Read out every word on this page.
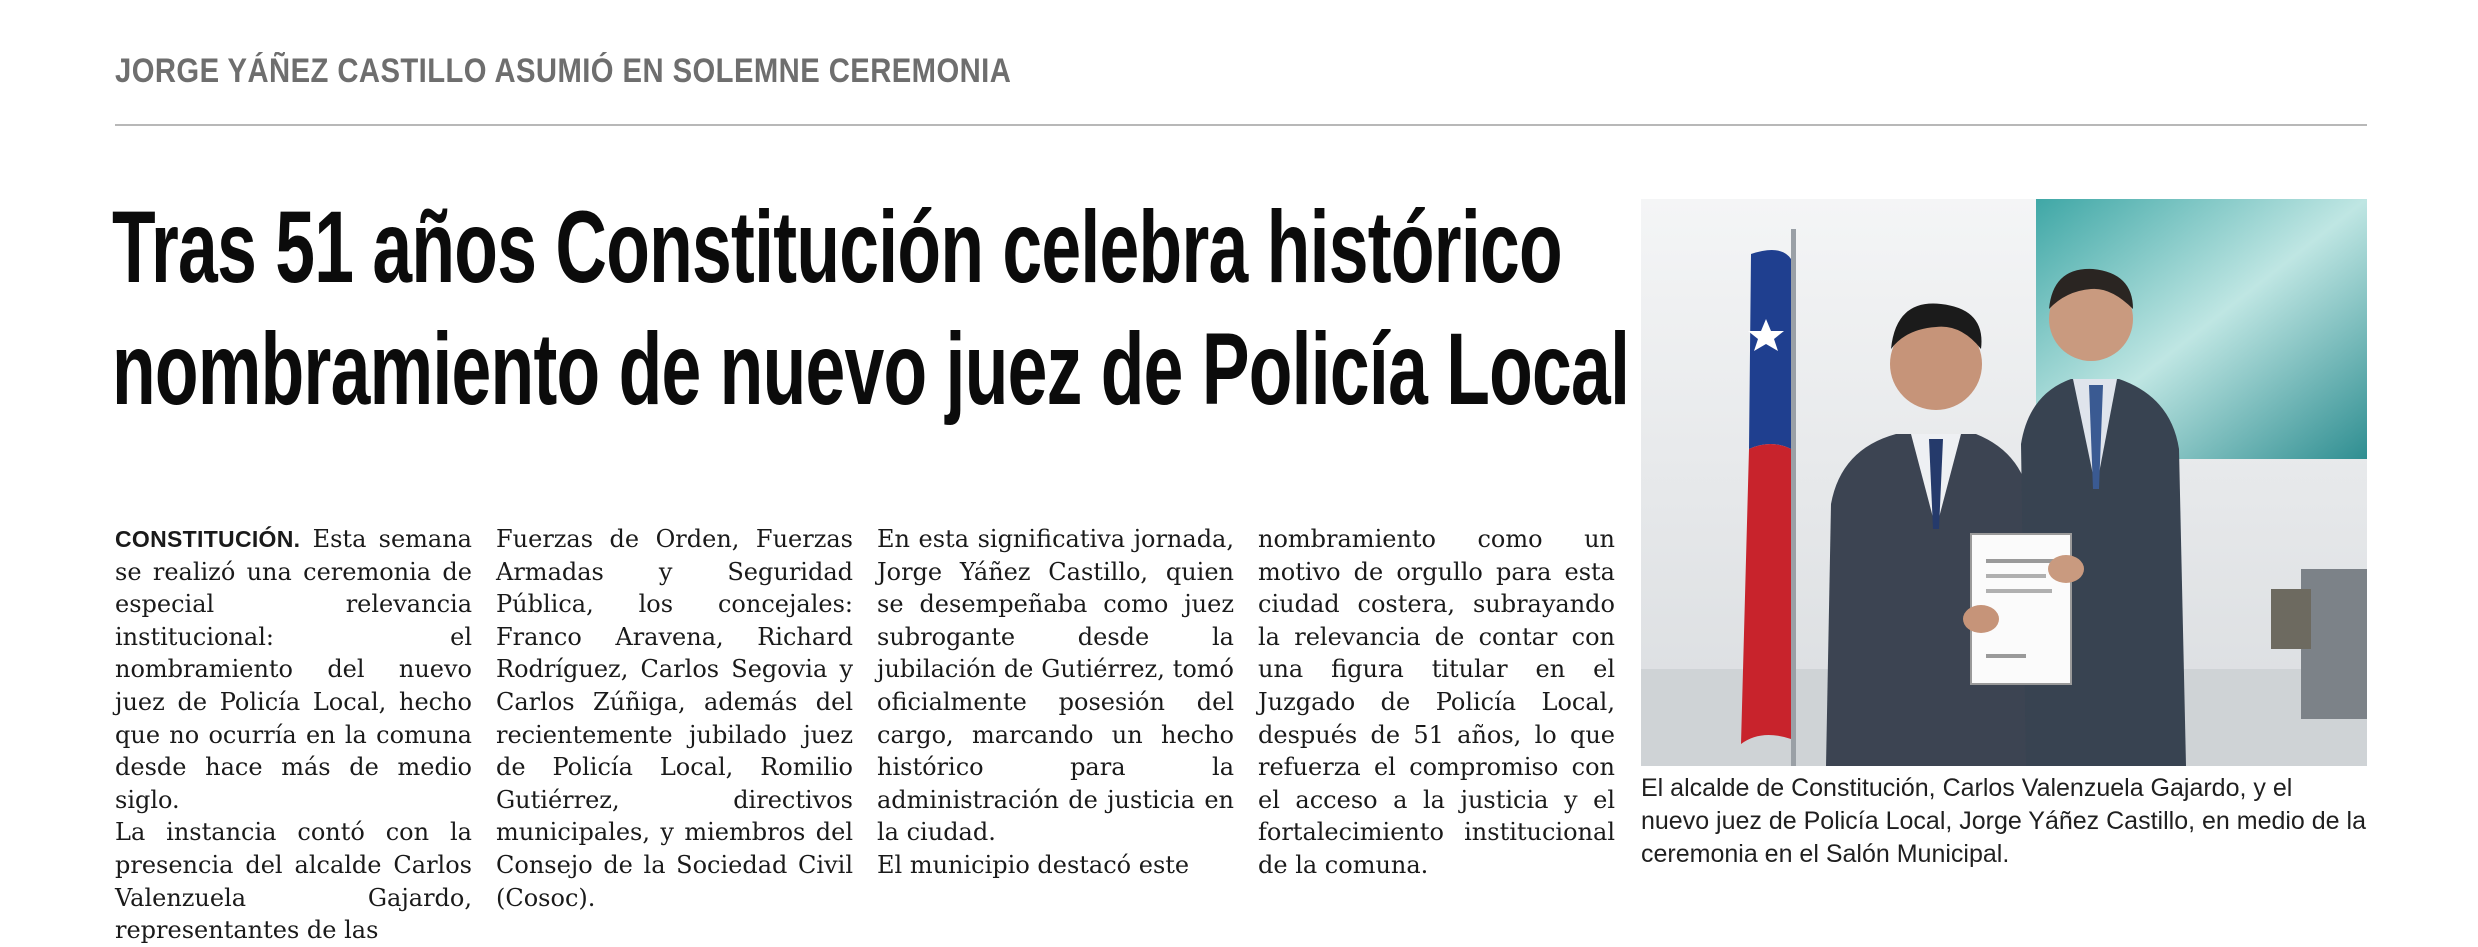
JORGE YÁÑEZ CASTILLO ASUMIÓ EN SOLEMNE CEREMONIA
Tras 51 años Constitución celebra histórico
nombramiento de nuevo juez de Policía Local

CONSTITUCIÓN. Esta semana se realizó una ceremonia de especial relevancia institucional: el nombramiento del nuevo juez de Policía Local, hecho que no ocurría en la comuna desde hace más de medio siglo.

La instancia contó con la presencia del alcalde Carlos Valenzuela Gajardo, representantes de las

Fuerzas de Orden, Fuerzas Armadas y Seguridad Pública, los concejales: Franco Aravena, Richard Rodríguez, Carlos Segovia y Carlos Zúñiga, además del recientemente jubilado juez de Policía Local, Romilio Gutiérrez, directivos municipales, y miembros del Consejo de la Sociedad Civil (Cosoc).

En esta significativa jornada, Jorge Yáñez Castillo, quien se desempeñaba como juez subrogante desde la jubilación de Gutiérrez, tomó oficialmente posesión del cargo, marcando un hecho histórico para la administración de justicia en la ciudad.

El municipio destacó este

nombramiento como un motivo de orgullo para esta ciudad costera, subrayando la relevancia de contar con una figura titular en el Juzgado de Policía Local, después de 51 años, lo que refuerza el compromiso con el acceso a la justicia y el fortalecimiento institucional de la comuna.

El alcalde de Constitución, Carlos Valenzuela Gajardo, y el nuevo juez de Policía Local, Jorge Yáñez Castillo, en medio de la ceremonia en el Salón Municipal.
